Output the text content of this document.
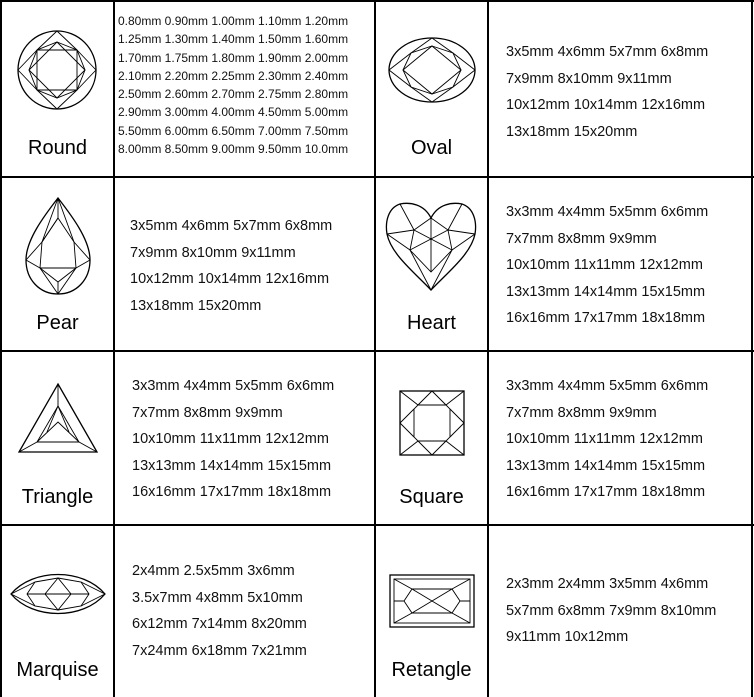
Round
0.80mm 0.90mm 1.00mm 1.10mm 1.20mm
1.25mm 1.30mm 1.40mm 1.50mm 1.60mm
1.70mm 1.75mm 1.80mm 1.90mm 2.00mm
2.10mm 2.20mm 2.25mm 2.30mm 2.40mm
2.50mm 2.60mm 2.70mm 2.75mm 2.80mm
2.90mm 3.00mm 4.00mm 4.50mm 5.00mm
5.50mm 6.00mm 6.50mm 7.00mm 7.50mm
8.00mm 8.50mm 9.00mm 9.50mm 10.0mm	Oval
3x5mm 4x6mm 5x7mm 6x8mm
7x9mm 8x10mm 9x11mm
10x12mm 10x14mm 12x16mm
13x18mm 15x20mm
Pear
3x5mm 4x6mm 5x7mm 6x8mm
7x9mm 8x10mm 9x11mm
10x12mm 10x14mm 12x16mm
13x18mm 15x20mm
Heart
3x3mm 4x4mm 5x5mm 6x6mm
7x7mm 8x8mm 9x9mm
10x10mm 11x11mm 12x12mm
13x13mm 14x14mm 15x15mm
16x16mm 17x17mm 18x18mm
Triangle
3x3mm 4x4mm 5x5mm 6x6mm
7x7mm 8x8mm 9x9mm
10x10mm 11x11mm 12x12mm
13x13mm 14x14mm 15x15mm
16x16mm 17x17mm 18x18mm	Square
3x3mm 4x4mm 5x5mm 6x6mm
7x7mm 8x8mm 9x9mm
10x10mm 11x11mm 12x12mm
13x13mm 14x14mm 15x15mm
16x16mm 17x17mm 18x18mm
Marquise
2x4mm 2.5x5mm 3x6mm
3.5x7mm 4x8mm 5x10mm
6x12mm 7x14mm 8x20mm
7x24mm 6x18mm 7x21mm
Retangle
2x3mm 2x4mm 3x5mm 4x6mm
5x7mm 6x8mm 7x9mm 8x10mm
9x11mm 10x12mm
